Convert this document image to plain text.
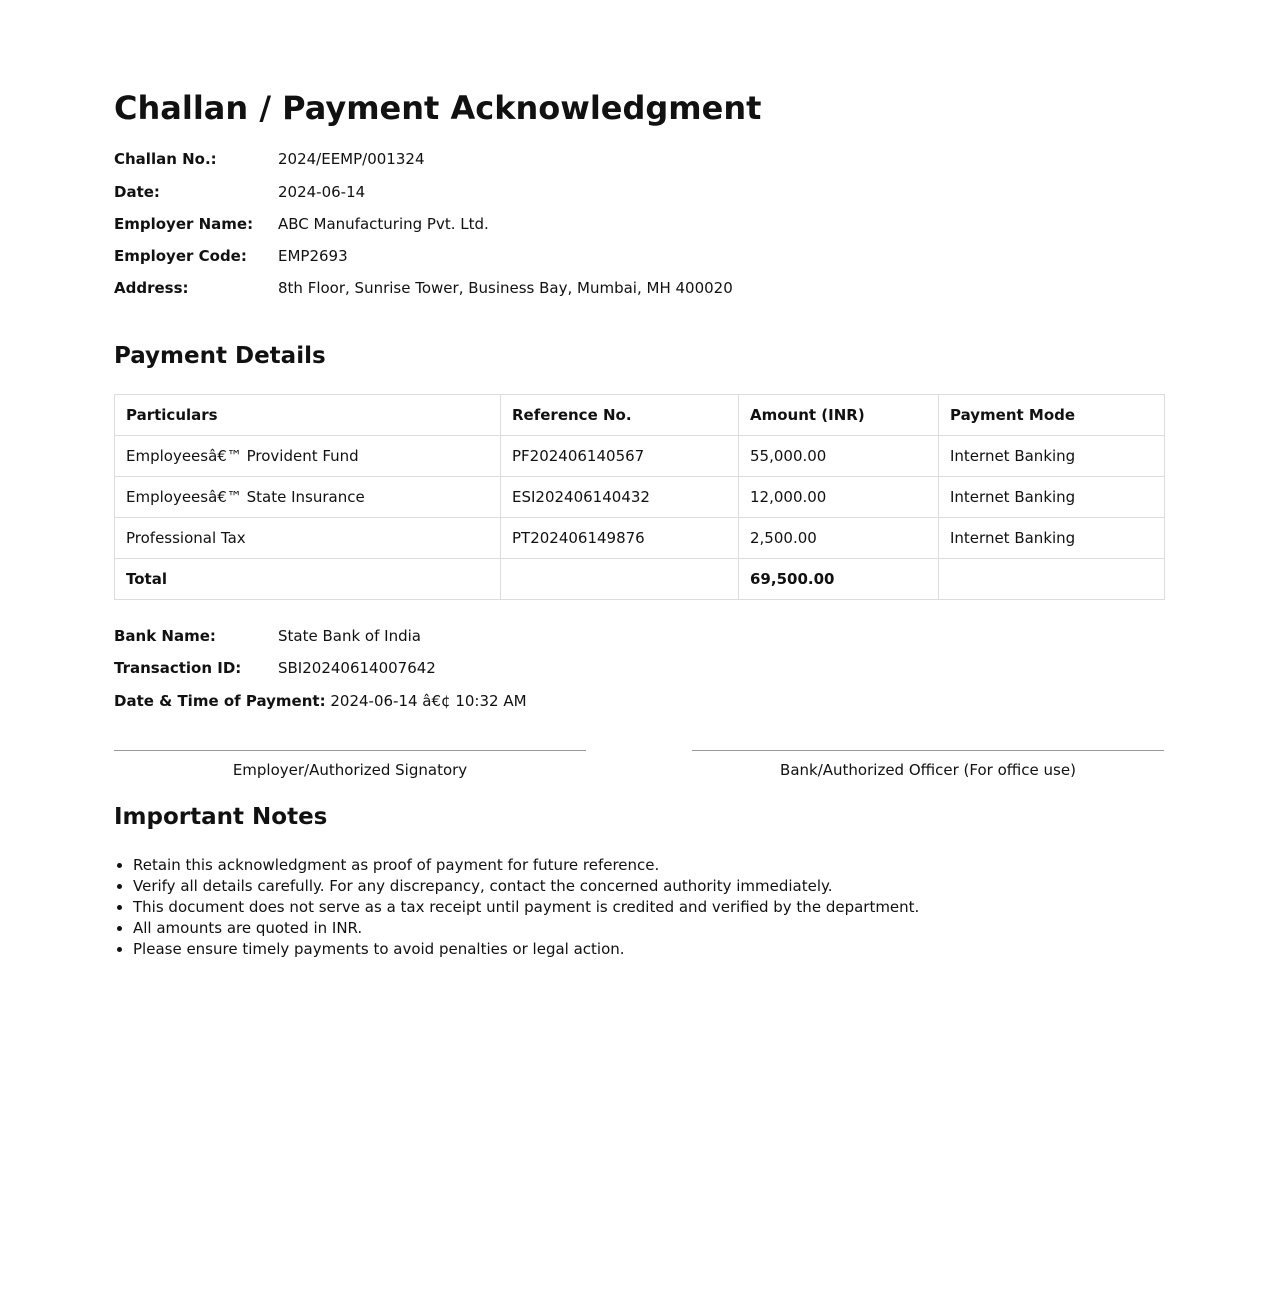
Challan / Payment Acknowledgment
Challan No.:	2024/EEMP/001324
Date:	2024-06-14
Employer Name: ABC Manufacturing Pvt. Ltd.
Employer Code: EMP2693
Address:	8th Floor, Sunrise Tower, Business Bay, Mumbai, MH 400020
Payment Details
Particulars	Reference No.	Amount (INR)	Payment Mode
Employeesâ€™ Provident Fund	PF202406140567	55,000.00	Internet Banking
Employeesâ€™ State Insurance	ESI202406140432	12,000.00	Internet Banking
Professional Tax	PT202406149876	2,500.00	Internet Banking
Total		69,500.00	
Bank Name:	State Bank of India
Transaction ID: SBI20240614007642
Date & Time of Payment: 2024-06-14 â€¢ 10:32 AM
Employer/Authorized Signatory	Bank/Authorized Officer (For office use)
Important Notes
• Retain this acknowledgment as proof of payment for future reference.
• Verify all details carefully. For any discrepancy, contact the concerned authority immediately.
• This document does not serve as a tax receipt until payment is credited and verified by the department.
• All amounts are quoted in INR.
• Please ensure timely payments to avoid penalties or legal action.
